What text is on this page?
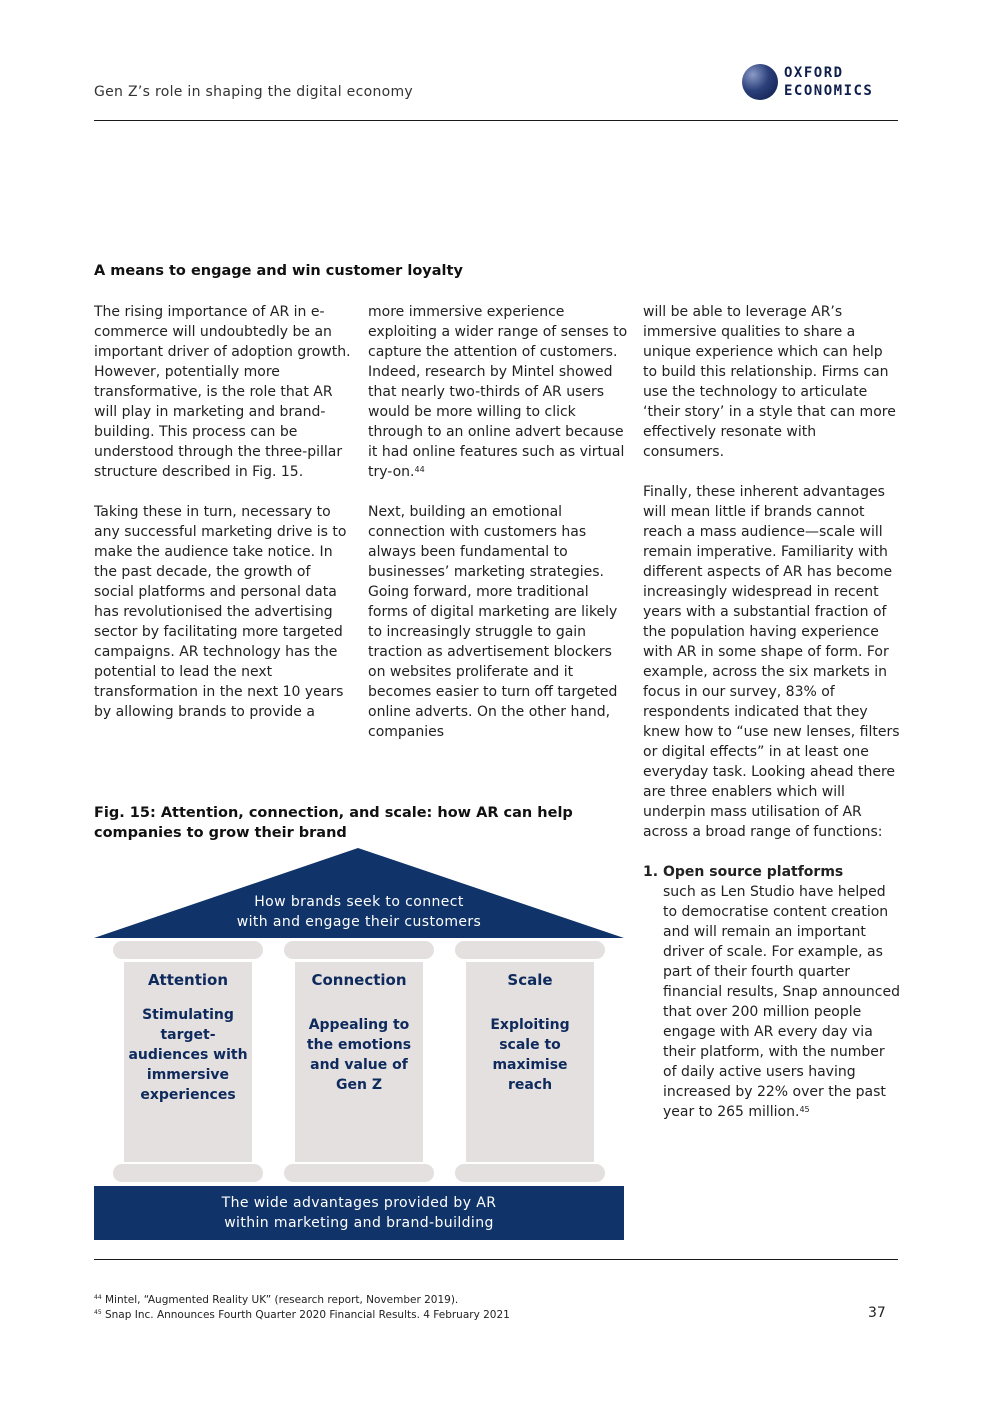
Gen Z’s role in shaping the digital economy
OXFORD
ECONOMICS
A means to engage and win customer loyalty

The rising importance of AR in e-commerce will undoubtedly be an important driver of adoption growth. However, potentially more transformative, is the role that AR will play in marketing and brand-building. This process can be understood through the three-pillar structure described in Fig. 15.

Taking these in turn, necessary to any successful marketing drive is to make the audience take notice. In the past decade, the growth of social platforms and personal data has revolutionised the advertising sector by facilitating more targeted campaigns. AR technology has the potential to lead the next transformation in the next 10 years by allowing brands to provide a

more immersive experience exploiting a wider range of senses to capture the attention of customers. Indeed, research by Mintel showed that nearly two-thirds of AR users would be more willing to click through to an online advert because it had online features such as virtual try-on.$^{44}$

Next, building an emotional connection with customers has always been fundamental to businesses’ marketing strategies. Going forward, more traditional forms of digital marketing are likely to increasingly struggle to gain traction as advertisement blockers on websites proliferate and it becomes easier to turn off targeted online adverts. On the other hand, companies

will be able to leverage AR’s immersive qualities to share a unique experience which can help to build this relationship. Firms can use the technology to articulate ‘their story’ in a style that can more effectively resonate with consumers.

Finally, these inherent advantages will mean little if brands cannot reach a mass audience—scale will remain imperative. Familiarity with different aspects of AR has become increasingly widespread in recent years with a substantial fraction of the population having experience with AR in some shape of form. For example, across the six markets in focus in our survey, 83% of respondents indicated that they knew how to “use new lenses, filters or digital effects” in at least one everyday task. Looking ahead there are three enablers which will underpin mass utilisation of AR across a broad range of functions:

1. Open source platforms
such as Len Studio have helped to democratise content creation and will remain an important driver of scale. For example, as part of their fourth quarter financial results, Snap announced that over 200 million people engage with AR every day via their platform, with the number of daily active users having increased by 22% over the past year to 265 million.$^{45}$
Fig. 15: Attention, connection, and scale: how AR can help companies to grow their brand
How brands seek to connect
with and engage their customers
Attention
Stimulating target-audiences with immersive experiences
Connection
Appealing to the emotions and value of Gen Z
Scale
Exploiting scale to maximise reach
The wide advantages provided by AR
within marketing and brand-building
$^{44}$ Mintel, “Augmented Reality UK” (research report, November 2019).
$^{45}$ Snap Inc. Announces Fourth Quarter 2020 Financial Results. 4 February 2021	37
